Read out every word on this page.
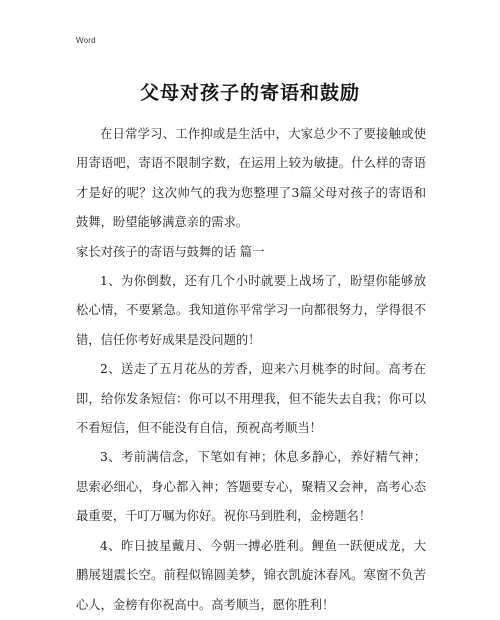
Word
父母对孩子的寄语和鼓励

在日常学习、工作抑或是生活中，大家总少不了要接触或使用寄语吧，寄语不限制字数，在运用上较为敏捷。什么样的寄语才是好的呢？这次帅气的我为您整理了3篇父母对孩子的寄语和鼓舞，盼望能够满意亲的需求。

家长对孩子的寄语与鼓舞的话 篇一

1、为你倒数，还有几个小时就要上战场了，盼望你能够放松心情，不要紧急。我知道你平常学习一向都很努力，学得很不错，信任你考好成果是没问题的！

2、送走了五月花丛的芳香，迎来六月桃李的时间。高考在即，给你发条短信：你可以不用理我，但不能失去自我；你可以不看短信，但不能没有自信，预祝高考顺当！

3、考前满信念，下笔如有神；休息多静心，养好精气神；思索必细心，身心都入神；答题要专心，聚精又会神，高考心态最重要，千叮万嘱为你好。祝你马到胜利，金榜题名！

4、昨日披星戴月、今朝一搏必胜利。鲤鱼一跃便成龙，大鹏展翅震长空。前程似锦圆美梦，锦衣凯旋沐春风。寒窗不负苦心人，金榜有你祝高中。高考顺当，愿你胜利！
